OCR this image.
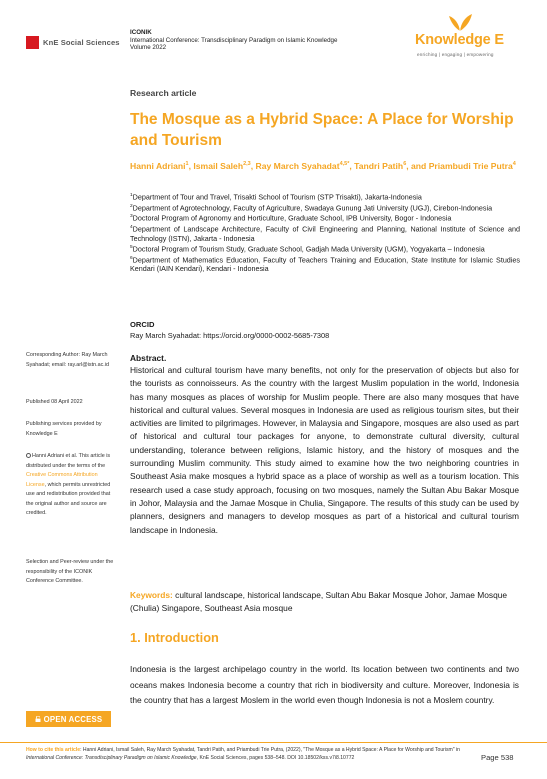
KnE Social Sciences
ICONIK
International Conference: Transdisciplinary Paradigm on Islamic Knowledge
Volume 2022	Knowledge E
enriching | engaging | empowering
Research article
The Mosque as a Hybrid Space: A Place for Worship and Tourism
Hanni Adriani$^1$, Ismail Saleh$^{2,3}$, Ray March Syahadat$^{4,5*}$, Tandri Patih$^6$, and Priambudi Trie Putra$^4$
$^1$Department of Tour and Travel, Trisakti School of Tourism (STP Trisakti), Jakarta-Indonesia
$^2$Department of Agrotechnology, Faculty of Agriculture, Swadaya Gunung Jati University (UGJ), Cirebon-Indonesia
$^3$Doctoral Program of Agronomy and Horticulture, Graduate School, IPB University, Bogor - Indonesia
$^4$Department of Landscape Architecture, Faculty of Civil Engineering and Planning, National Institute of Science and Technology (ISTN), Jakarta - Indonesia
$^5$Doctoral Program of Tourism Study, Graduate School, Gadjah Mada University (UGM), Yogyakarta – Indonesia
$^6$Department of Mathematics Education, Faculty of Teachers Training and Education, State Institute for Islamic Studies Kendari (IAIN Kendari), Kendari - Indonesia
ORCID
Ray March Syahadat: https://orcid.org/0000-0002-5685-7308
Corresponding Author: Ray March Syahadat; email: ray.arl@istn.ac.id
Published 08 April 2022
Publishing services provided by Knowledge E
Hanni Adriani et al. This article is distributed under the terms of the Creative Commons Attribution License, which permits unrestricted use and redistribution provided that the original author and source are credited.
Selection and Peer-review under the responsibility of the ICONIK Conference Committee.
OPEN ACCESS
Abstract.
Historical and cultural tourism have many benefits, not only for the preservation of objects but also for the tourists as connoisseurs. As the country with the largest Muslim population in the world, Indonesia has many mosques as places of worship for Muslim people. There are also many mosques that have historical and cultural values. Several mosques in Indonesia are used as religious tourism sites, but their activities are limited to pilgrimages. However, in Malaysia and Singapore, mosques are also used as part of historical and cultural tour packages for anyone, to demonstrate cultural diversity, cultural understanding, tolerance between religions, Islamic history, and the history of mosques and the surrounding Muslim community. This study aimed to examine how the two neighboring countries in Southeast Asia make mosques a hybrid space as a place of worship as well as a tourism location. This research used a case study approach, focusing on two mosques, namely the Sultan Abu Bakar Mosque in Johor, Malaysia and the Jamae Mosque in Chulia, Singapore. The results of this study can be used by planners, designers and managers to develop mosques as part of a historical and cultural tourism landscape in Indonesia.
Keywords: cultural landscape, historical landscape, Sultan Abu Bakar Mosque Johor, Jamae Mosque (Chulia) Singapore, Southeast Asia mosque
1. Introduction
Indonesia is the largest archipelago country in the world. Its location between two continents and two oceans makes Indonesia become a country that rich in biodiversity and culture. Moreover, Indonesia is the country that has a largest Moslem in the world even though Indonesia is not a Moslem country.
How to cite this article: Hanni Adriani, Ismail Saleh, Ray March Syahadat, Tandri Patih, and Priambudi Trie Putra, (2022), "The Mosque as a Hybrid Space: A Place for Worship and Tourism" in International Conference: Transdisciplinary Paradigm on Islamic Knowledge, KnE Social Sciences, pages 538–548. DOI 10.18502/kss.v7i8.10772	Page 538
